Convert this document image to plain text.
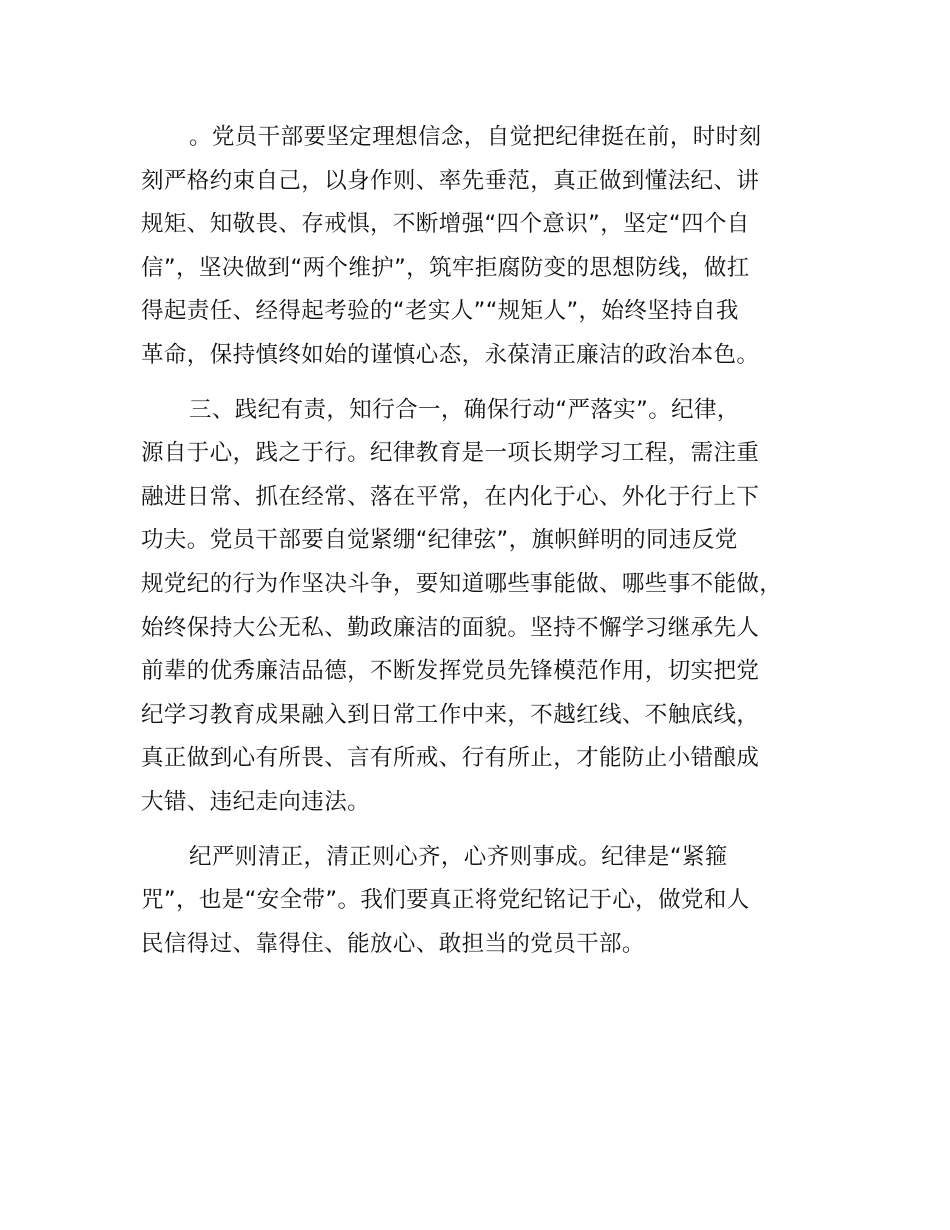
。党员干部要坚定理想信念，自觉把纪律挺在前，时时刻
刻严格约束自己，以身作则、率先垂范，真正做到懂法纪、讲
规矩、知敬畏、存戒惧，不断增强“四个意识”，坚定“四个自
信”，坚决做到“两个维护”，筑牢拒腐防变的思想防线，做扛
得起责任、经得起考验的“老实人”“规矩人”，始终坚持自我
革命，保持慎终如始的谨慎心态，永葆清正廉洁的政治本色。
三、践纪有责，知行合一，确保行动“严落实”。纪律，
源自于心，践之于行。纪律教育是一项长期学习工程，需注重
融进日常、抓在经常、落在平常，在内化于心、外化于行上下
功夫。党员干部要自觉紧绷“纪律弦”，旗帜鲜明的同违反党
规党纪的行为作坚决斗争，要知道哪些事能做、哪些事不能做，
始终保持大公无私、勤政廉洁的面貌。坚持不懈学习继承先人
前辈的优秀廉洁品德，不断发挥党员先锋模范作用，切实把党
纪学习教育成果融入到日常工作中来，不越红线、不触底线，
真正做到心有所畏、言有所戒、行有所止，才能防止小错酿成
大错、违纪走向违法。
纪严则清正，清正则心齐，心齐则事成。纪律是“紧箍
咒”，也是“安全带”。我们要真正将党纪铭记于心，做党和人
民信得过、靠得住、能放心、敢担当的党员干部。
